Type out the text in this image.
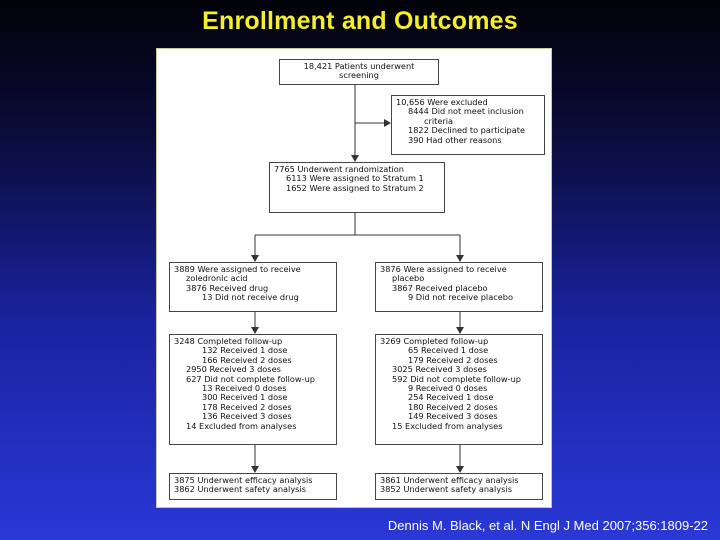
Enrollment and Outcomes
18,421 Patients underwent
screening
10,656 Were excluded
8444 Did not meet inclusion
criteria
1822 Declined to participate
390 Had other reasons
7765 Underwent randomization
6113 Were assigned to Stratum 1
1652 Were assigned to Stratum 2
3889 Were assigned to receive
zoledronic acid
3876 Received drug
13 Did not receive drug
3876 Were assigned to receive
placebo
3867 Received placebo
9 Did not receive placebo
3248 Completed follow-up
132 Received 1 dose
166 Received 2 doses
2950 Received 3 doses
627 Did not complete follow-up
13 Received 0 doses
300 Received 1 dose
178 Received 2 doses
136 Received 3 doses
14 Excluded from analyses
3269 Completed follow-up
65 Received 1 dose
179 Received 2 doses
3025 Received 3 doses
592 Did not complete follow-up
9 Received 0 doses
254 Received 1 dose
180 Received 2 doses
149 Received 3 doses
15 Excluded from analyses
3875 Underwent efficacy analysis
3862 Underwent safety analysis
3861 Underwent efficacy analysis
3852 Underwent safety analysis
Dennis M. Black, et al. N Engl J Med 2007;356:1809-22
